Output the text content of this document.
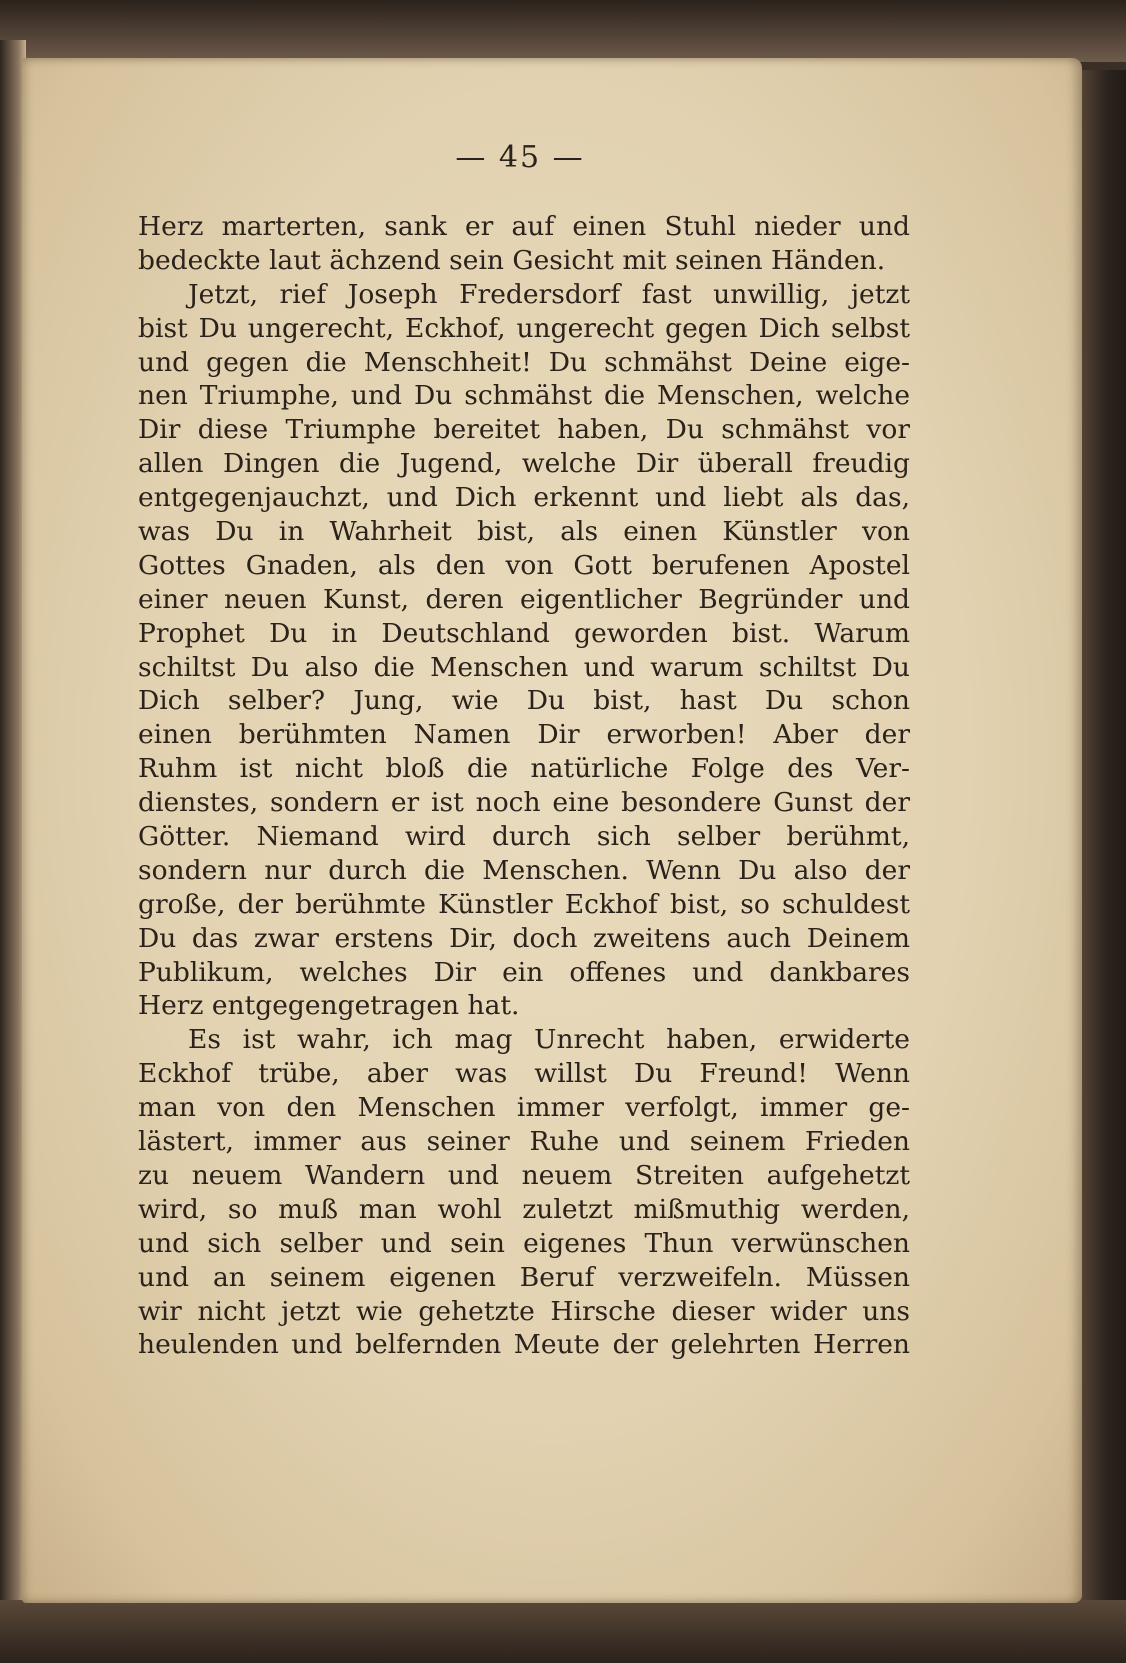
— 45 —
Herz marterten, sank er auf einen Stuhl nieder und
bedeckte laut ächzend sein Gesicht mit seinen Händen.
Jetzt, rief Joseph Fredersdorf fast unwillig, jetzt
bist Du ungerecht, Eckhof, ungerecht gegen Dich selbst
und gegen die Menschheit! Du schmähst Deine eige-
nen Triumphe, und Du schmähst die Menschen, welche
Dir diese Triumphe bereitet haben, Du schmähst vor
allen Dingen die Jugend, welche Dir überall freudig
entgegenjauchzt, und Dich erkennt und liebt als das,
was Du in Wahrheit bist, als einen Künstler von
Gottes Gnaden, als den von Gott berufenen Apostel
einer neuen Kunst, deren eigentlicher Begründer und
Prophet Du in Deutschland geworden bist. Warum
schiltst Du also die Menschen und warum schiltst Du
Dich selber? Jung, wie Du bist, hast Du schon
einen berühmten Namen Dir erworben! Aber der
Ruhm ist nicht bloß die natürliche Folge des Ver-
dienstes, sondern er ist noch eine besondere Gunst der
Götter. Niemand wird durch sich selber berühmt,
sondern nur durch die Menschen. Wenn Du also der
große, der berühmte Künstler Eckhof bist, so schuldest
Du das zwar erstens Dir, doch zweitens auch Deinem
Publikum, welches Dir ein offenes und dankbares
Herz entgegengetragen hat.
Es ist wahr, ich mag Unrecht haben, erwiderte
Eckhof trübe, aber was willst Du Freund! Wenn
man von den Menschen immer verfolgt, immer ge-
lästert, immer aus seiner Ruhe und seinem Frieden
zu neuem Wandern und neuem Streiten aufgehetzt
wird, so muß man wohl zuletzt mißmuthig werden,
und sich selber und sein eigenes Thun verwünschen
und an seinem eigenen Beruf verzweifeln. Müssen
wir nicht jetzt wie gehetzte Hirsche dieser wider uns
heulenden und belfernden Meute der gelehrten Herren
